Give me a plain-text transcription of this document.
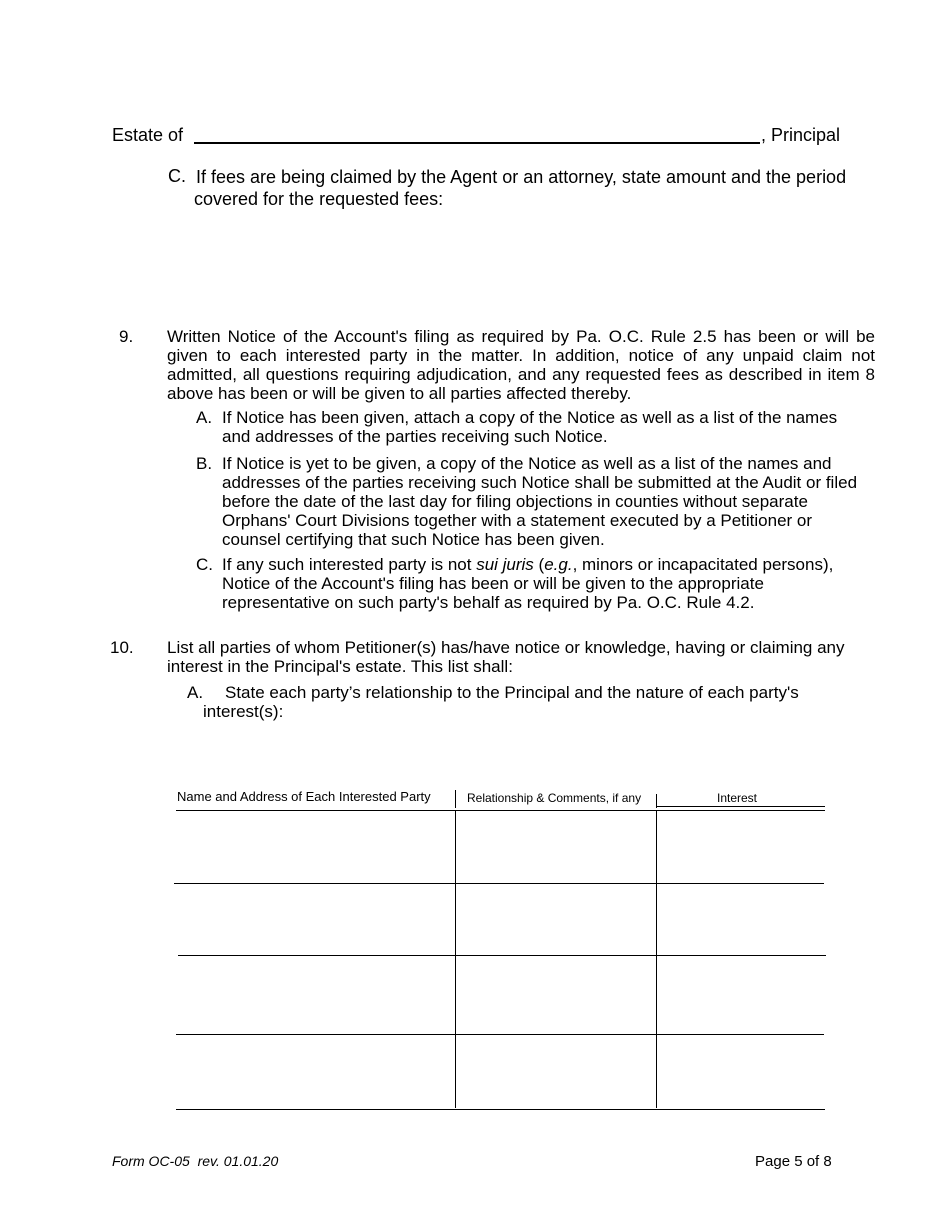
Estate of	, Principal
C. If fees are being claimed by the Agent or an attorney, state amount and the period covered for the requested fees:
9. Written Notice of the Account's filing as required by Pa. O.C. Rule 2.5 has been or will be given to each interested party in the matter. In addition, notice of any unpaid claim not admitted, all questions requiring adjudication, and any requested fees as described in item 8 above has been or will be given to all parties affected thereby.
A. If Notice has been given, attach a copy of the Notice as well as a list of the names and addresses of the parties receiving such Notice.
B. If Notice is yet to be given, a copy of the Notice as well as a list of the names and addresses of the parties receiving such Notice shall be submitted at the Audit or filed before the date of the last day for filing objections in counties without separate Orphans' Court Divisions together with a statement executed by a Petitioner or counsel certifying that such Notice has been given.
C. If any such interested party is not sui juris (e.g., minors or incapacitated persons), Notice of the Account's filing has been or will be given to the appropriate representative on such party's behalf as required by Pa. O.C. Rule 4.2.
10. List all parties of whom Petitioner(s) has/have notice or knowledge, having or claiming any interest in the Principal's estate. This list shall:
A.	State each party’s relationship to the Principal and the nature of each party's interest(s):
Name and Address of Each Interested Party	Relationship & Comments, if any	Interest
Form OC-05  rev. 01.01.20	Page 5 of 8
